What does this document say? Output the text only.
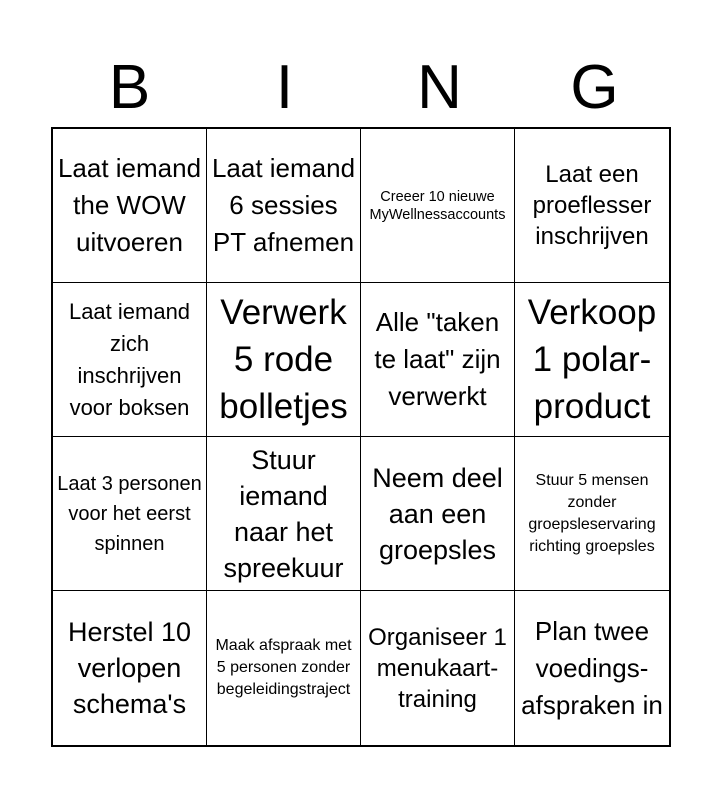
B	I	N	G
Laat iemand the WOW uitvoeren
Laat iemand 6 sessies PT afnemen
Creeer 10 nieuwe MyWellnessaccounts
Laat een proeflesser inschrijven
Laat iemand zich inschrijven voor boksen
Verwerk 5 rode bolletjes
Alle "taken te laat" zijn verwerkt
Verkoop 1 polar-product
Laat 3 personen voor het eerst spinnen
Stuur iemand naar het spreekuur
Neem deel aan een groepsles
Stuur 5 mensen zonder groepsleservaring richting groepsles
Herstel 10 verlopen schema's
Maak afspraak met 5 personen zonder begeleidingstraject
Organiseer 1 menukaart-training
Plan twee voedings-afspraken in
